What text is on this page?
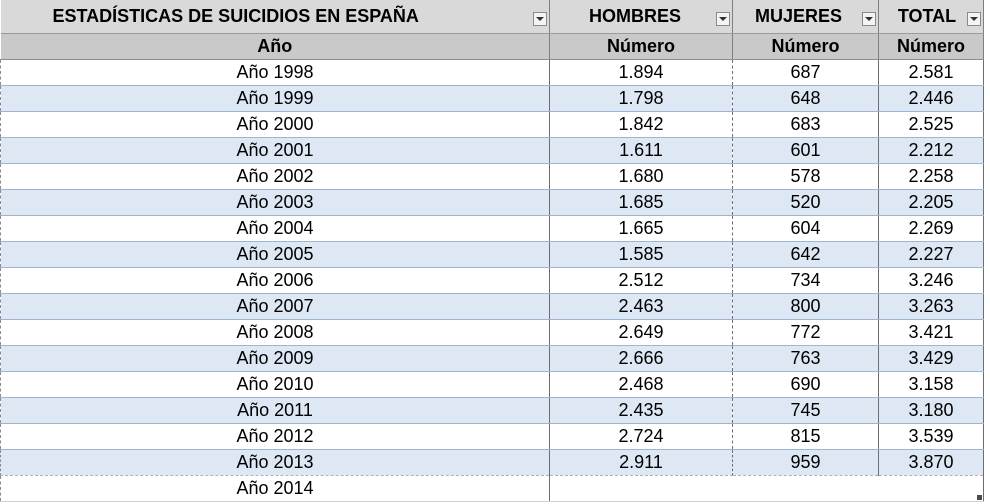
ESTADÍSTICAS DE SUICIDIOS EN ESPAÑA	HOMBRES	MUJERES	TOTAL

Año	Número	Número	Número
Año 1998	1.894	687	2.581
Año 1999	1.798	648	2.446
Año 2000	1.842	683	2.525
Año 2001	1.611	601	2.212
Año 2002	1.680	578	2.258
Año 2003	1.685	520	2.205
Año 2004	1.665	604	2.269
Año 2005	1.585	642	2.227
Año 2006	2.512	734	3.246
Año 2007	2.463	800	3.263
Año 2008	2.649	772	3.421
Año 2009	2.666	763	3.429
Año 2010	2.468	690	3.158
Año 2011	2.435	745	3.180
Año 2012	2.724	815	3.539
Año 2013	2.911	959	3.870
Año 2014			
